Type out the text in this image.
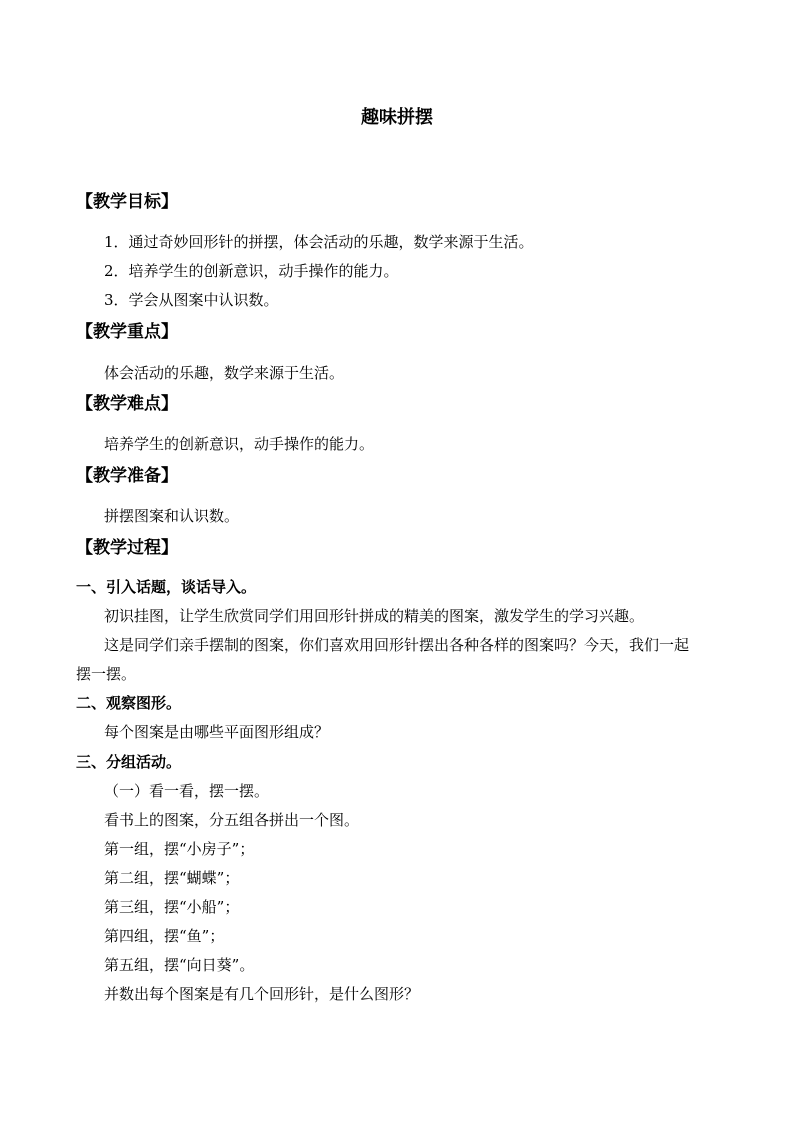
趣味拼摆
【教学目标】
1．通过奇妙回形针的拼摆，体会活动的乐趣，数学来源于生活。
2．培养学生的创新意识，动手操作的能力。
3．学会从图案中认识数。
【教学重点】
体会活动的乐趣，数学来源于生活。
【教学难点】
培养学生的创新意识，动手操作的能力。
【教学准备】
拼摆图案和认识数。
【教学过程】
一、引入话题，谈话导入。
初识挂图，让学生欣赏同学们用回形针拼成的精美的图案，激发学生的学习兴趣。
这是同学们亲手摆制的图案，你们喜欢用回形针摆出各种各样的图案吗？今天，我们一起
摆一摆。
二、观察图形。
每个图案是由哪些平面图形组成？
三、分组活动。
（一）看一看，摆一摆。
看书上的图案，分五组各拼出一个图。
第一组，摆“小房子”；
第二组，摆“蝴蝶”；
第三组，摆“小船”；
第四组，摆“鱼”；
第五组，摆“向日葵”。
并数出每个图案是有几个回形针，是什么图形？
